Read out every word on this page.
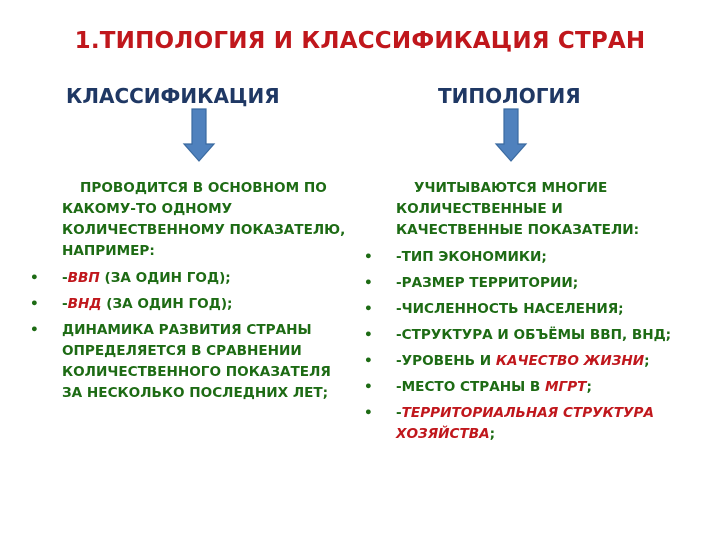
1.ТИПОЛОГИЯ И КЛАССИФИКАЦИЯ СТРАН
КЛАССИФИКАЦИЯ	ТИПОЛОГИЯ

ПРОВОДИТСЯ В ОСНОВНОМ ПО КАКОМУ-ТО ОДНОМУ КОЛИЧЕСТВЕННОМУ ПОКАЗАТЕЛЮ, НАПРИМЕР:

•	-ВВП (ЗА ОДИН ГОД);
•	-ВНД (ЗА ОДИН ГОД);
•	ДИНАМИКА РАЗВИТИЯ СТРАНЫ ОПРЕДЕЛЯЕТСЯ В СРАВНЕНИИ КОЛИЧЕСТВЕННОГО ПОКАЗАТЕЛЯ ЗА НЕСКОЛЬКО ПОСЛЕДНИХ ЛЕТ;

УЧИТЫВАЮТСЯ МНОГИЕ КОЛИЧЕСТВЕННЫЕ И КАЧЕСТВЕННЫЕ ПОКАЗАТЕЛИ:

•	-ТИП ЭКОНОМИКИ;
•	-РАЗМЕР ТЕРРИТОРИИ;
•	-ЧИСЛЕННОСТЬ НАСЕЛЕНИЯ;
•	-СТРУКТУРА И ОБЪЁМЫ ВВП, ВНД;
•	-УРОВЕНЬ И КАЧЕСТВО ЖИЗНИ;
•	-МЕСТО СТРАНЫ В МГРТ;
•	-ТЕРРИТОРИАЛЬНАЯ СТРУКТУРА ХОЗЯЙСТВА;
